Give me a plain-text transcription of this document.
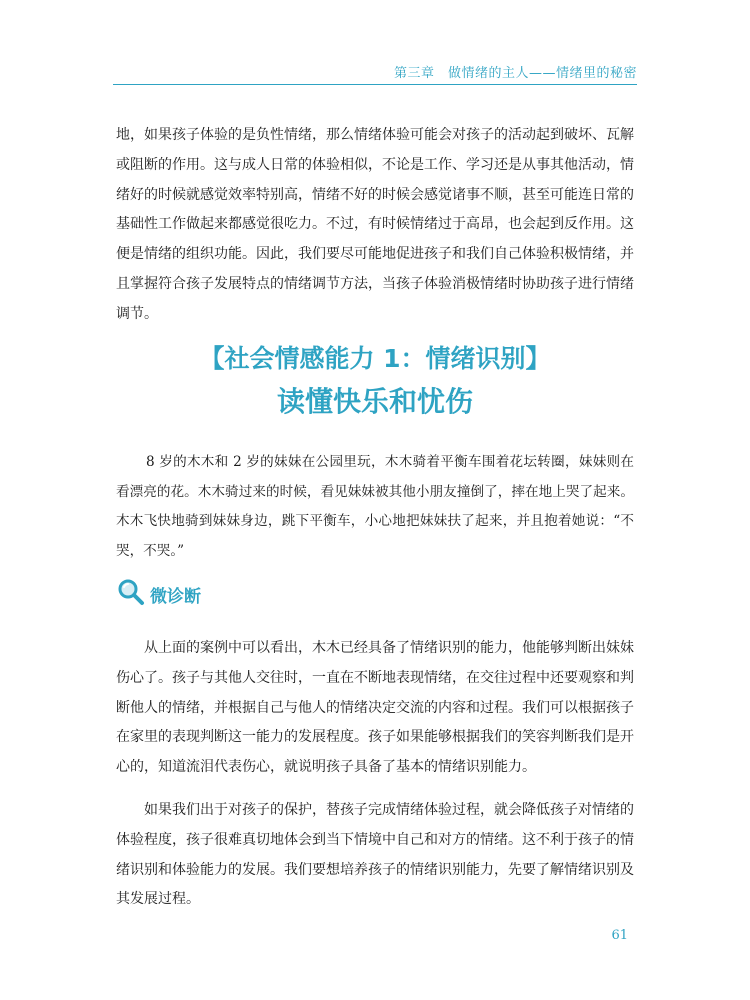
第三章　做情绪的主人——情绪里的秘密

地，如果孩子体验的是负性情绪，那么情绪体验可能会对孩子的活动起到破坏、瓦解或阻断的作用。这与成人日常的体验相似，不论是工作、学习还是从事其他活动，情绪好的时候就感觉效率特别高，情绪不好的时候会感觉诸事不顺，甚至可能连日常的基础性工作做起来都感觉很吃力。不过，有时候情绪过于高昂，也会起到反作用。这便是情绪的组织功能。因此，我们要尽可能地促进孩子和我们自己体验积极情绪，并且掌握符合孩子发展特点的情绪调节方法，当孩子体验消极情绪时协助孩子进行情绪调节。

【社会情感能力 1：情绪识别】
读懂快乐和忧伤

8 岁的木木和 2 岁的妹妹在公园里玩，木木骑着平衡车围着花坛转圈，妹妹则在看漂亮的花。木木骑过来的时候，看见妹妹被其他小朋友撞倒了，摔在地上哭了起来。木木飞快地骑到妹妹身边，跳下平衡车，小心地把妹妹扶了起来，并且抱着她说：“不哭，不哭。”

微诊断

从上面的案例中可以看出，木木已经具备了情绪识别的能力，他能够判断出妹妹伤心了。孩子与其他人交往时，一直在不断地表现情绪，在交往过程中还要观察和判断他人的情绪，并根据自己与他人的情绪决定交流的内容和过程。我们可以根据孩子在家里的表现判断这一能力的发展程度。孩子如果能够根据我们的笑容判断我们是开心的，知道流泪代表伤心，就说明孩子具备了基本的情绪识别能力。

如果我们出于对孩子的保护，替孩子完成情绪体验过程，就会降低孩子对情绪的体验程度，孩子很难真切地体会到当下情境中自己和对方的情绪。这不利于孩子的情绪识别和体验能力的发展。我们要想培养孩子的情绪识别能力，先要了解情绪识别及其发展过程。

61
